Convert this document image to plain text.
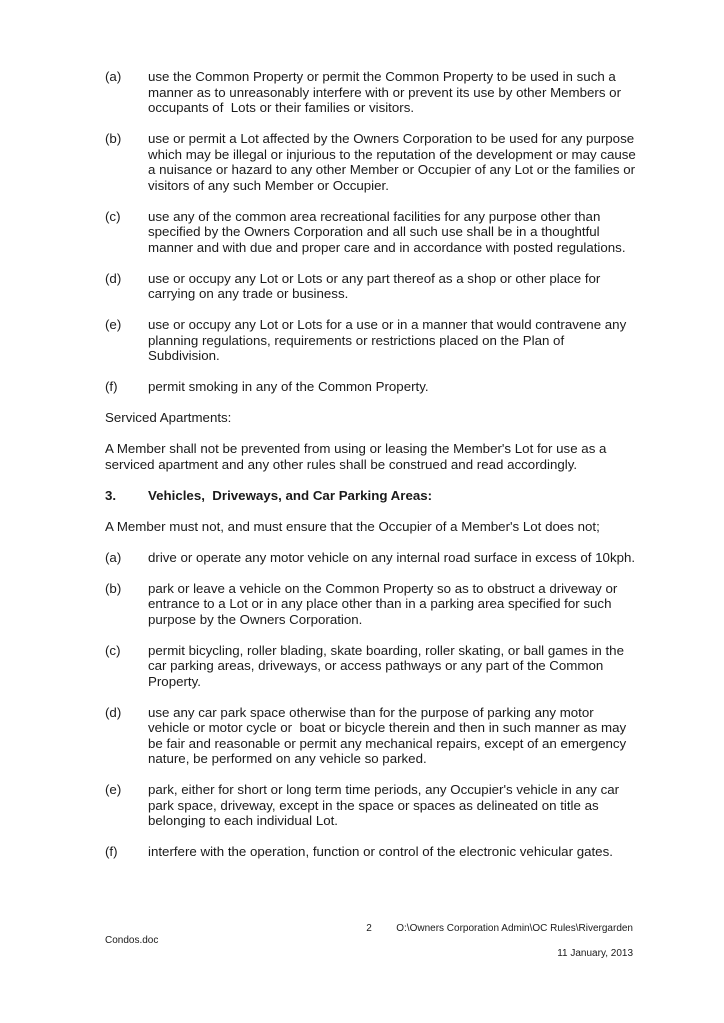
(a)	use the Common Property or permit the Common Property to be used in such a manner as to unreasonably interfere with or prevent its use by other Members or occupants of  Lots or their families or visitors.
(b)	use or permit a Lot affected by the Owners Corporation to be used for any purpose which may be illegal or injurious to the reputation of the development or may cause a nuisance or hazard to any other Member or Occupier of any Lot or the families or visitors of any such Member or Occupier.
(c)	use any of the common area recreational facilities for any purpose other than specified by the Owners Corporation and all such use shall be in a thoughtful manner and with due and proper care and in accordance with posted regulations.
(d)	use or occupy any Lot or Lots or any part thereof as a shop or other place for carrying on any trade or business.
(e)	use or occupy any Lot or Lots for a use or in a manner that would contravene any planning regulations, requirements or restrictions placed on the Plan of Subdivision.
(f)	permit smoking in any of the Common Property.
Serviced Apartments:
A Member shall not be prevented from using or leasing the Member's Lot for use as a serviced apartment and any other rules shall be construed and read accordingly.
3.	Vehicles,  Driveways, and Car Parking Areas:
A Member must not, and must ensure that the Occupier of a Member's Lot does not;
(a)	drive or operate any motor vehicle on any internal road surface in excess of 10kph.
(b)	park or leave a vehicle on the Common Property so as to obstruct a driveway or entrance to a Lot or in any place other than in a parking area specified for such purpose by the Owners Corporation.
(c)	permit bicycling, roller blading, skate boarding, roller skating, or ball games in the car parking areas, driveways, or access pathways or any part of the Common Property.
(d)	use any car park space otherwise than for the purpose of parking any motor vehicle or motor cycle or  boat or bicycle therein and then in such manner as may be fair and reasonable or permit any mechanical repairs, except of an emergency nature, be performed on any vehicle so parked.
(e)	park, either for short or long term time periods, any Occupier's vehicle in any car park space, driveway, except in the space or spaces as delineated on title as belonging to each individual Lot.
(f)	interfere with the operation, function or control of the electronic vehicular gates.
2	O:\Owners Corporation Admin\OC Rules\Rivergarden
Condos.doc
11 January, 2013
